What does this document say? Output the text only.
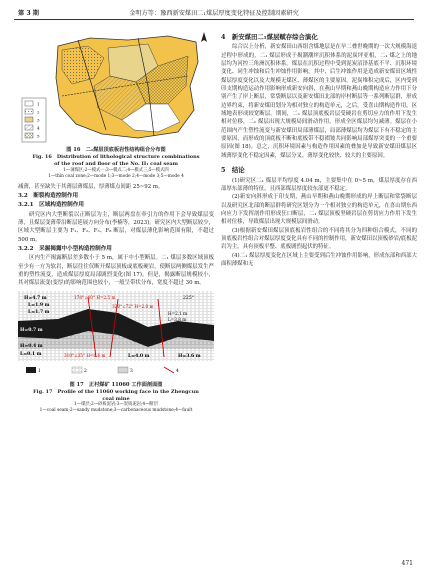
第 3 期	金明方等：豫西新安煤田二₁煤层厚度变化特征及控制因素研究
1
2
3
4
5
图 16　二₁煤层顶底板岩性结构组合分布图
Fig. 16　Distribution of lithological structure combinations
of the roof and floor of the No. II₁ coal seam
1—薄煤区;2—模式一;3—模式二;4—模式三;5—模式四
1—thin coal zone;2—mode 1;3—mode 2;4—mode 3;5—mode 4

减薄，甚至缺失于其薄层薄煤层，厚薄煤点间距 25~92 m。

3.2　断裂构造控制作用
3.2.1　区域构造控制作用

研究区内大型断裂以正断层为主，断层两盘在牵引力的作用下会导致煤层变薄，且煤层变薄带沿断层延展方向分布(李楠等，2023)。研究区内大型断层较少，区域大型断层主要为 F₁、F₂、F₃、F₈ 断层，对煤层薄化影响范围有限，不超过 500 m。

3.2.2　采掘揭露中小型构造控制作用

区内生产揭露断层差多数小于 5 m，属于中小型断层。二₁ 煤层多数区域顶板至少有一方为软岩，断层往往仅断开煤层顶板或底板硬岩，使断层两侧煤层发生严重的塑性流变，造成煤层厚度局部剧烈变化(图 17)。但是，揭露断层规模较小，其对煤层流变(变厚)的影响范围也较小，一般呈带状分布，宽度不超过 30 m。

H=4.7 m
L=1.9 m
L=1.7 m
178°∠60° H=2.5 m
320°∠72° H=2.0 m
225°
H=2.1 m
L=3.8 m
H=0.7 m
H=0.4 m
L=0.1 m	310°∠35° H=0.6 m	L=4.0 m	H=3.6 m
1	2	3	4
图 17　正村煤矿 11060 工作面剖面图
Fig. 17　Profile of the 11060 working face in the Zhengcun
coal mine
1—煤层;2—砂质泥岩;3—炭质泥岩;4—断层
1—coal seam;2—sandy mudstone;3—carbonaceous mudstone;4—fault
4　新安煤田二₁煤层赋存综合演化

综合以上分析，新安煤田山西组含煤地层是在早二叠世晚期的一次大规模海退过程中形成的，二₁ 煤层形成于揭潮潮坪沉积体系的泥炭坪亚相，二₁ 煤之上的地层均为河控三角洲沉积体系。煤层在沉积过程中受到泥炭沼泽基底不平、沉积环境变化、同生冲蚀和后生冲蚀作用影响，其中，后生冲蚀作用是造成新安煤田区域性煤层厚度变化以及大规模无煤区、薄煤区的主要原因。泥炭堆积完成后，区内受到印支期构造运动作用影响形成新安向斜，在燕山早期和燕山晚期构造应力作用下分别产生了岸上断层，常袋断层以及新安煤田北部的岸村断层等一系列断层群，形成边界约束，将新安煤田划分为相对独立的构造单元，之后，受喜山期构造作用，区域地表形成较宽断层。期间，二₁ 煤层顶底板岩层受硬岩在剪切应力的作用下发生相对位移，二₁ 煤层出现大规模局间滑动作用，形成全区煤层均匀减薄。煤层在小范围内产生塑性流变与新安煤田局部薄煤层，局部薄煤层均为煤层下有不稳定的主要原因，而形成的顶底板不断和底板带不稳褶皱共同影响局部煤厚突变的一个重要原因(图 18)。总之，沉积环境因素与构造作用因素的叠加是导致新安煤田煤层区域薄厚变化不稳定因素，煤层分叉、薄厚变化较快、较大的主要原因。

5　结论

(1)研究区二₁ 煤层平均厚度 4.04 m，主要集中在 0~5 m，煤层厚度存在西部厚东部薄的特征，且西部煤层厚度较东部更不稳定。

(2)新安向斜形成于印支期，燕山早期和燕山晚期形成的岸上断层和常袋断层以及研究区北部的断层群将研究区划分为一个相对独立的构造单元，在喜山期东西向应力下发挥剖作用形成狂口断层，二₁ 煤层顶板坚硬岩层在剪切应力作用下发生相对位移，导致煤层出现大规模层间滑动。

(3)根据新安煤田煤层顶底板岩性组合的不同将其分为四种组合模式，不同的顶底板岩性组合对煤层厚度变化具有不同的控制作用，新安煤田以顶板砂岩/底板泥岩为主，具有顶板平整、底板剧烈起伏的特征。

(4)二₁ 煤层厚度变化在区域上主要受到后生冲蚀作用影响，形成东部和西部大面积薄煤和无

471
